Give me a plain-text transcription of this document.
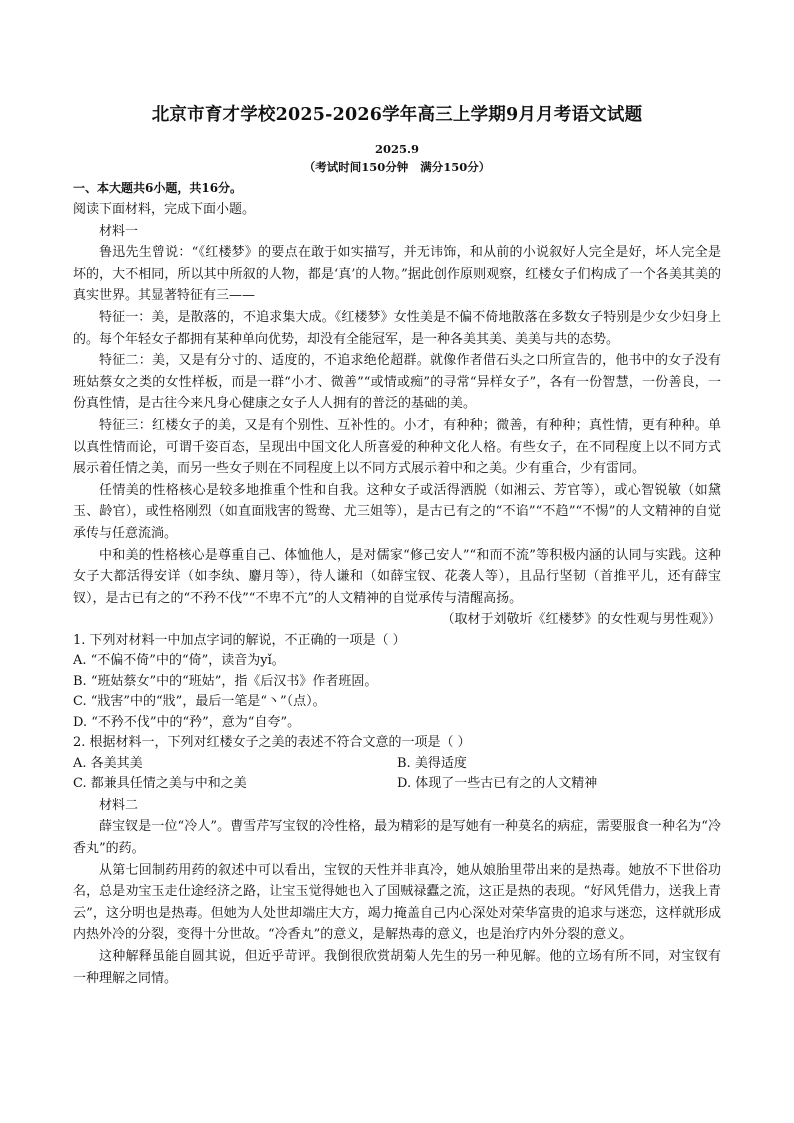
北京市育才学校2025-2026学年高三上学期9月月考语文试题
2025.9
（考试时间150分钟   满分150分）
一、本大题共6小题，共16分。
阅读下面材料，完成下面小题。
材料一

鲁迅先生曾说：“《红楼梦》的要点在敢于如实描写，并无讳饰，和从前的小说叙好人完全是好，坏人完全是坏的，大不相同，所以其中所叙的人物，都是‘真’的人物。”据此创作原则观察，红楼女子们构成了一个各美其美的真实世界。其显著特征有三——

特征一：美，是散落的，不追求集大成。《红楼梦》女性美是不偏不倚地散落在多数女子特别是少女少妇身上的。每个年轻女子都拥有某种单向优势，却没有全能冠军，是一种各美其美、美美与共的态势。

特征二：美，又是有分寸的、适度的，不追求绝伦超群。就像作者借石头之口所宣告的，他书中的女子没有班姑蔡女之类的女性样板，而是一群“小才、微善”“或情或痴”的寻常“异样女子”，各有一份智慧，一份善良，一份真性情，是古往今来凡身心健康之女子人人拥有的普泛的基础的美。

特征三：红楼女子的美，又是有个别性、互补性的。小才，有种种；微善，有种种；真性情，更有种种。单以真性情而论，可谓千姿百态，呈现出中国文化人所喜爱的种种文化人格。有些女子，在不同程度上以不同方式展示着任情之美，而另一些女子则在不同程度上以不同方式展示着中和之美。少有重合，少有雷同。

任情美的性格核心是较多地推重个性和自我。这种女子或活得洒脱（如湘云、芳官等），或心智锐敏（如黛玉、龄官），或性格刚烈（如直面戕害的鸳鸯、尤三姐等），是古已有之的“不谄”“不趋”“不惕”的人文精神的自觉承传与任意流淌。

中和美的性格核心是尊重自己、体恤他人，是对儒家“修己安人”“和而不流”等积极内涵的认同与实践。这种女子大都活得安详（如李纨、麝月等），待人谦和（如薛宝钗、花袭人等），且品行坚韧（首推平儿，还有薛宝钗），是古已有之的“不矜不伐”“不卑不亢”的人文精神的自觉承传与清醒高扬。

（取材于刘敬圻《红楼梦》的女性观与男性观》）
1. 下列对材料一中加点字词的解说，不正确的一项是（ ）
A. “不偏不倚”中的“倚”，读音为yǐ。
B. “班姑蔡女”中的“班姑”，指《后汉书》作者班固。
C. “戕害”中的“戕”，最后一笔是“丶”（点）。
D. “不矜不伐”中的“矜”，意为“自夸”。
2. 根据材料一，下列对红楼女子之美的表述不符合文意的一项是（ ）
A. 各美其美	B. 美得适度
C. 都兼具任情之美与中和之美	D. 体现了一些古已有之的人文精神
材料二

薛宝钗是一位“冷人”。曹雪芹写宝钗的冷性格，最为精彩的是写她有一种莫名的病症，需要服食一种名为“冷香丸”的药。

从第七回制药用药的叙述中可以看出，宝钗的天性并非真冷，她从娘胎里带出来的是热毒。她放不下世俗功名，总是劝宝玉走仕途经济之路，让宝玉觉得她也入了国贼禄蠹之流，这正是热的表现。“好风凭借力，送我上青云”，这分明也是热毒。但她为人处世却端庄大方，竭力掩盖自己内心深处对荣华富贵的追求与迷恋，这样就形成内热外冷的分裂，变得十分世故。“冷香丸”的意义，是解热毒的意义，也是治疗内外分裂的意义。

这种解释虽能自圆其说，但近乎苛评。我倒很欣赏胡菊人先生的另一种见解。他的立场有所不同，对宝钗有一种理解之同情。
